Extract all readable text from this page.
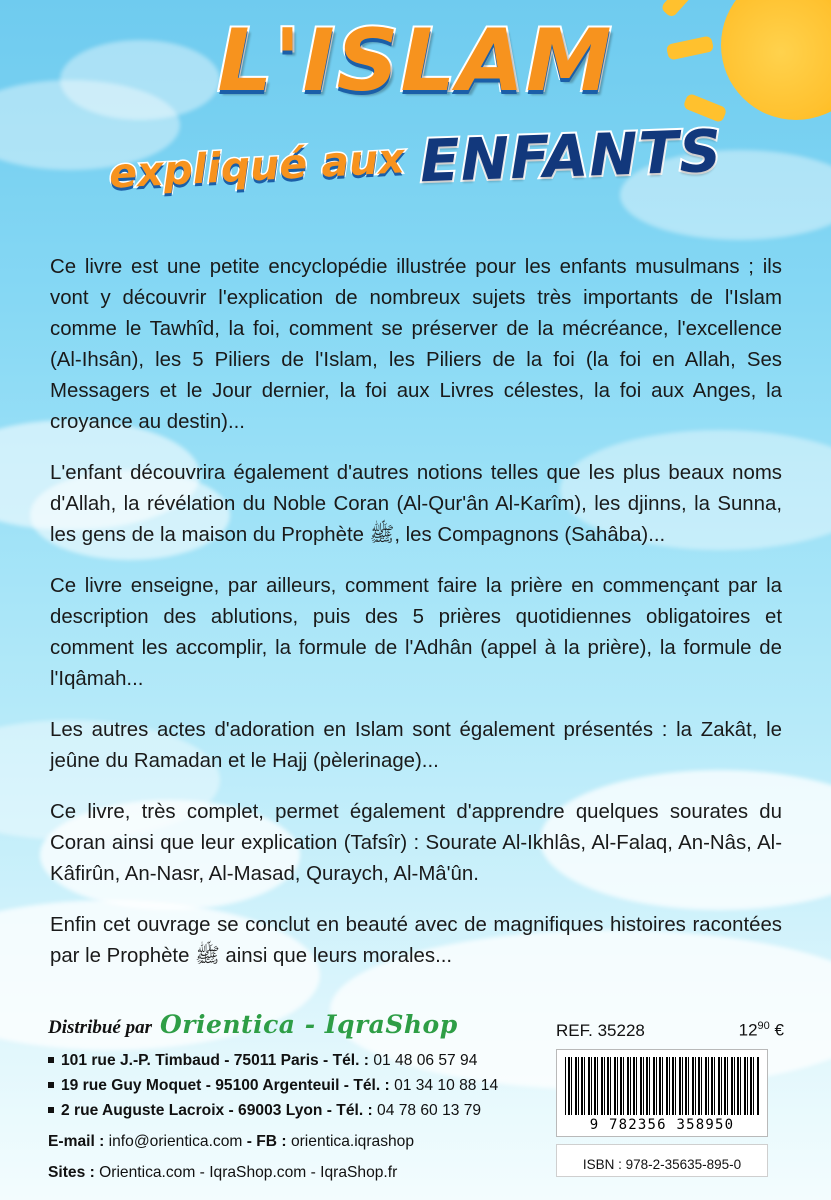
L'ISLAM
expliqué aux ENFANTS

Ce livre est une petite encyclopédie illustrée pour les enfants musulmans ; ils vont y découvrir l'explication de nombreux sujets très importants de l'Islam comme le Tawhîd, la foi, comment se préserver de la mécréance, l'excellence (Al-Ihsân), les 5 Piliers de l'Islam, les Piliers de la foi (la foi en Allah, Ses Messagers et le Jour dernier, la foi aux Livres célestes, la foi aux Anges, la croyance au destin)...

L'enfant découvrira également d'autres notions telles que les plus beaux noms d'Allah, la révélation du Noble Coran (Al-Qur'ân Al-Karîm), les djinns, la Sunna, les gens de la maison du Prophète ﷺ, les Compagnons (Sahâba)...

Ce livre enseigne, par ailleurs, comment faire la prière en commençant par la description des ablutions, puis des 5 prières quotidiennes obligatoires et comment les accomplir, la formule de l'Adhân (appel à la prière), la formule de l'Iqâmah...

Les autres actes d'adoration en Islam sont également présentés : la Zakât, le jeûne du Ramadan et le Hajj (pèlerinage)...

Ce livre, très complet, permet également d'apprendre quelques sourates du Coran ainsi que leur explication (Tafsîr) : Sourate Al-Ikhlâs, Al-Falaq, An-Nâs, Al-Kâfirûn, An-Nasr, Al-Masad, Quraych, Al-Mâ'ûn.

Enfin cet ouvrage se conclut en beauté avec de magnifiques histoires racontées par le Prophète ﷺ ainsi que leurs morales...

Distribué par Orientica - IqraShop
101 rue J.-P. Timbaud - 75011 Paris - Tél. : 01 48 06 57 94
19 rue Guy Moquet - 95100 Argenteuil - Tél. : 01 34 10 88 14
2 rue Auguste Lacroix - 69003 Lyon - Tél. : 04 78 60 13 79
E-mail : info@orientica.com - FB : orientica.iqrashop
Sites : Orientica.com - IqraShop.com - IqraShop.fr
REF. 35228	$12^{90}$ €
9 782356 358950
ISBN : 978-2-35635-895-0
